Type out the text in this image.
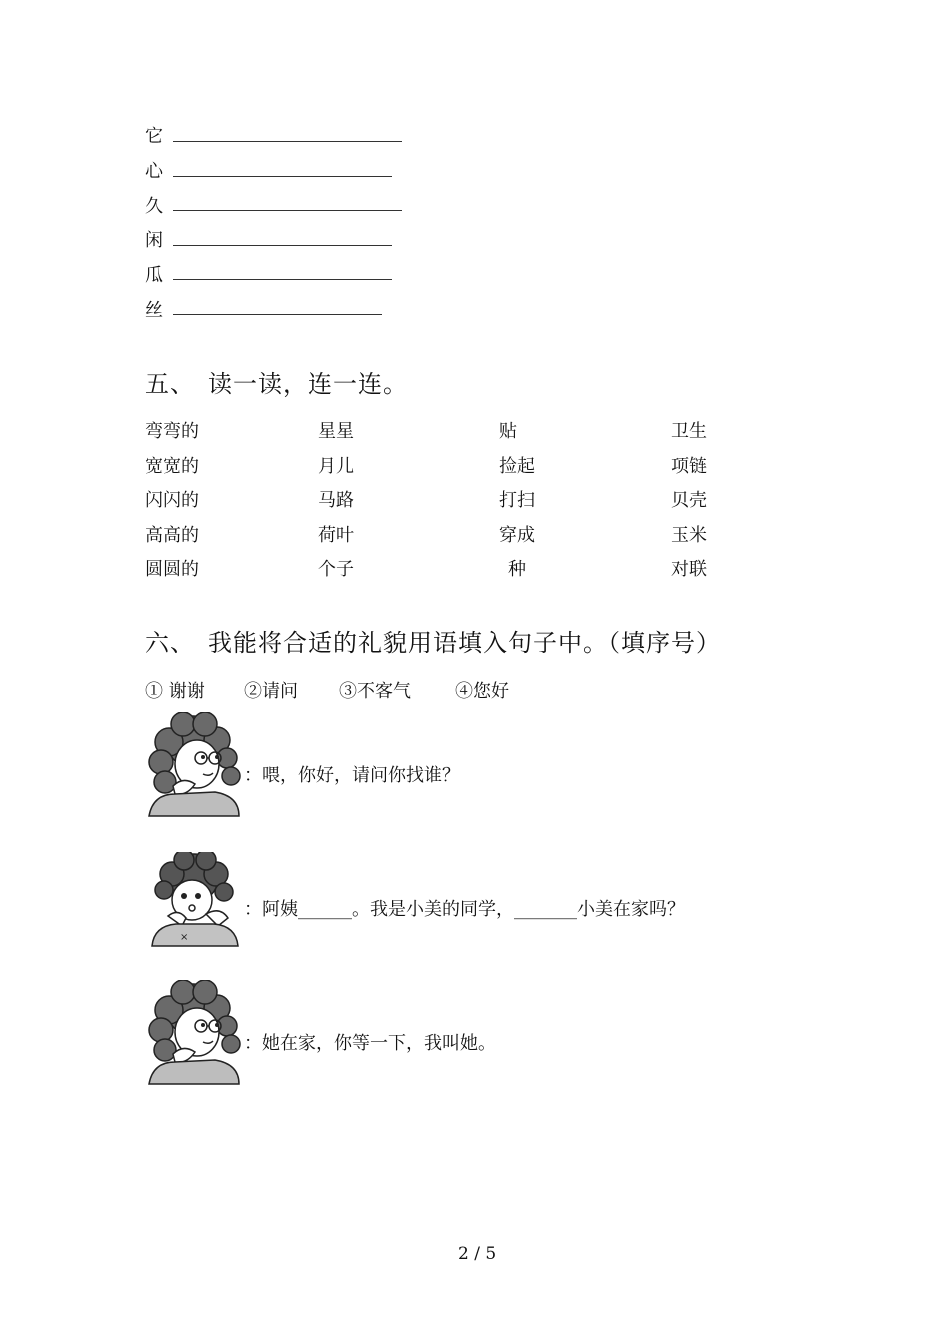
它
心
久
闲
瓜
丝
五、 读一读，连一连。
弯弯的
宽宽的
闪闪的
高高的
圆圆的
星星
月儿
马路
荷叶
个子
贴
捡起
打扫
穿成
种
卫生
项链
贝壳
玉米
对联
六、 我能将合适的礼貌用语填入句子中。（填序号）
① 谢谢 ②请问 ③不客气 ④您好
：喂，你好，请问你找谁？
×
：阿姨______。我是小美的同学，_______小美在家吗？
：她在家，你等一下，我叫她。
2 / 5
